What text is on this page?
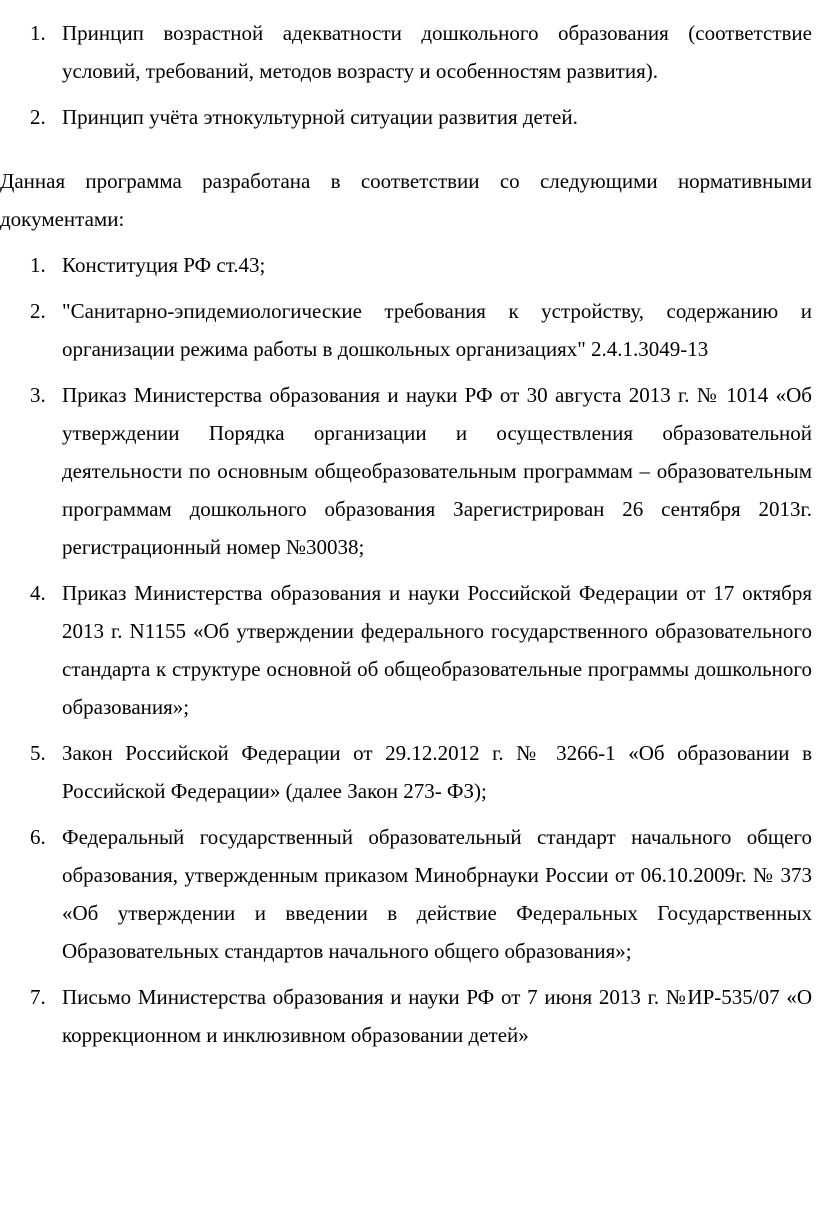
1. Принцип возрастной адекватности дошкольного образования (соответствие условий, требований, методов возрасту и особенностям развития).
2. Принцип учёта этнокультурной ситуации развития детей.

Данная программа разработана в соответствии со следующими нормативными документами:

1. Конституция РФ ст.43;
2. "Санитарно-эпидемиологические требования к устройству, содержанию и организации режима работы в дошкольных организациях" 2.4.1.3049-13
3. Приказ Министерства образования и науки РФ от 30 августа 2013 г. № 1014 «Об утверждении Порядка организации и осуществления образовательной деятельности по основным общеобразовательным программам – образовательным программам дошкольного образования Зарегистрирован 26 сентября 2013г. регистрационный номер №30038;
4. Приказ Министерства образования и науки Российской Федерации от 17 октября 2013 г. N1155 «Об утверждении федерального государственного образовательного стандарта к структуре основной об общеобразовательные программы дошкольного образования»;
5. Закон Российской Федерации от 29.12.2012 г. № 3266-1 «Об образовании в Российской Федерации» (далее Закон 273- ФЗ);
6. Федеральный государственный образовательный стандарт начального общего образования, утвержденным приказом Минобрнауки России от 06.10.2009г. № 373 «Об утверждении и введении в действие Федеральных Государственных Образовательных стандартов начального общего образования»;
7. Письмо Министерства образования и науки РФ от 7 июня 2013 г. №ИР-535/07 «О коррекционном и инклюзивном образовании детей»
